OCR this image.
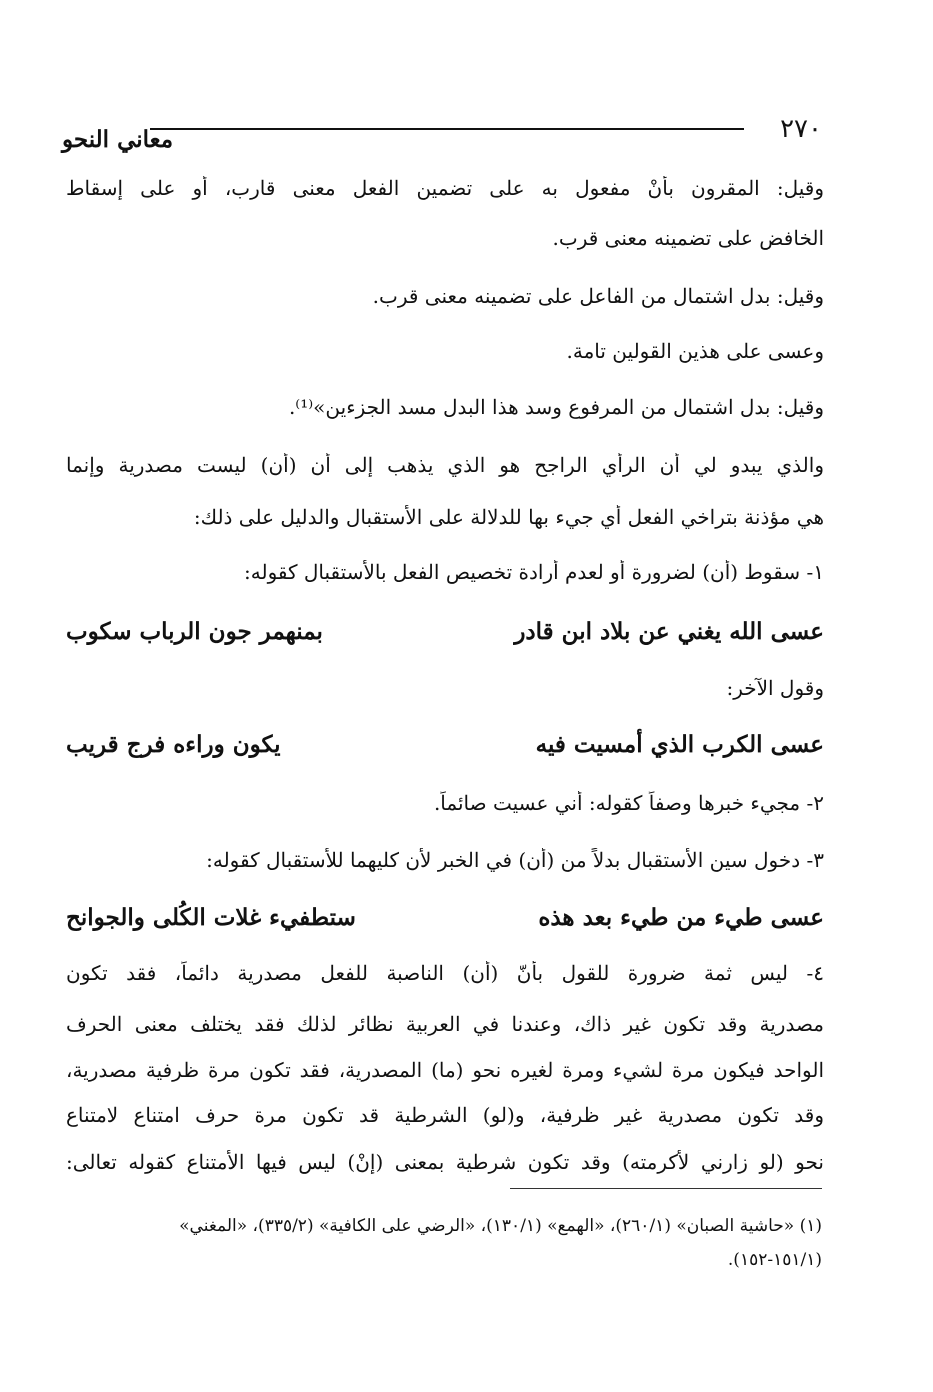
٢٧٠
معاني النحو
وقيل: المقرون بأنْ مفعول به على تضمين الفعل معنى قارب، أو على إسقاط
الخافض على تضمينه معنى قرب.
وقيل: بدل اشتمال من الفاعل على تضمينه معنى قرب.
وعسى على هذين القولين تامة.
وقيل: بدل اشتمال من المرفوع وسد هذا البدل مسد الجزءين»⁽¹⁾.
والذي يبدو لي أن الرأي الراجح هو الذي يذهب إلى أن (أن) ليست مصدرية وإنما
هي مؤذنة بتراخي الفعل أي جيء بها للدلالة على الأستقبال والدليل على ذلك:
١- سقوط (أن) لضرورة أو لعدم أرادة تخصيص الفعل بالأستقبال كقوله:
عسى الله يغني عن بلاد ابن قادر
بمنهمر جون الرباب سكوب
وقول الآخر:
عسى الكرب الذي أمسيت فيه
يكون وراءه فرج قريب
٢- مجيء خبرها وصفاً كقوله: أني عسيت صائماً.
٣- دخول سين الأستقبال بدلاً من (أن) في الخبر لأن كليهما للأستقبال كقوله:
عسى طيء من طيء بعد هذه
ستطفيء غلات الكُلى والجوانح
٤- ليس ثمة ضرورة للقول بأنّ (أن) الناصبة للفعل مصدرية دائماً، فقد تكون
مصدرية وقد تكون غير ذاك، وعندنا في العربية نظائر لذلك فقد يختلف معنى الحرف
الواحد فيكون مرة لشيء ومرة لغيره نحو (ما) المصدرية، فقد تكون مرة ظرفية مصدرية،
وقد تكون مصدرية غير ظرفية، و(لو) الشرطية قد تكون مرة حرف امتناع لامتناع
نحو (لو زارني لأكرمته) وقد تكون شرطية بمعنى (إنْ) ليس فيها الأمتناع كقوله تعالى:
(١) «حاشية الصبان» (٢٦٠/١)، «الهمع» (١٣٠/١)، «الرضي على الكافية» (٣٣٥/٢)، «المغني»
(١٥١/١-١٥٢).
